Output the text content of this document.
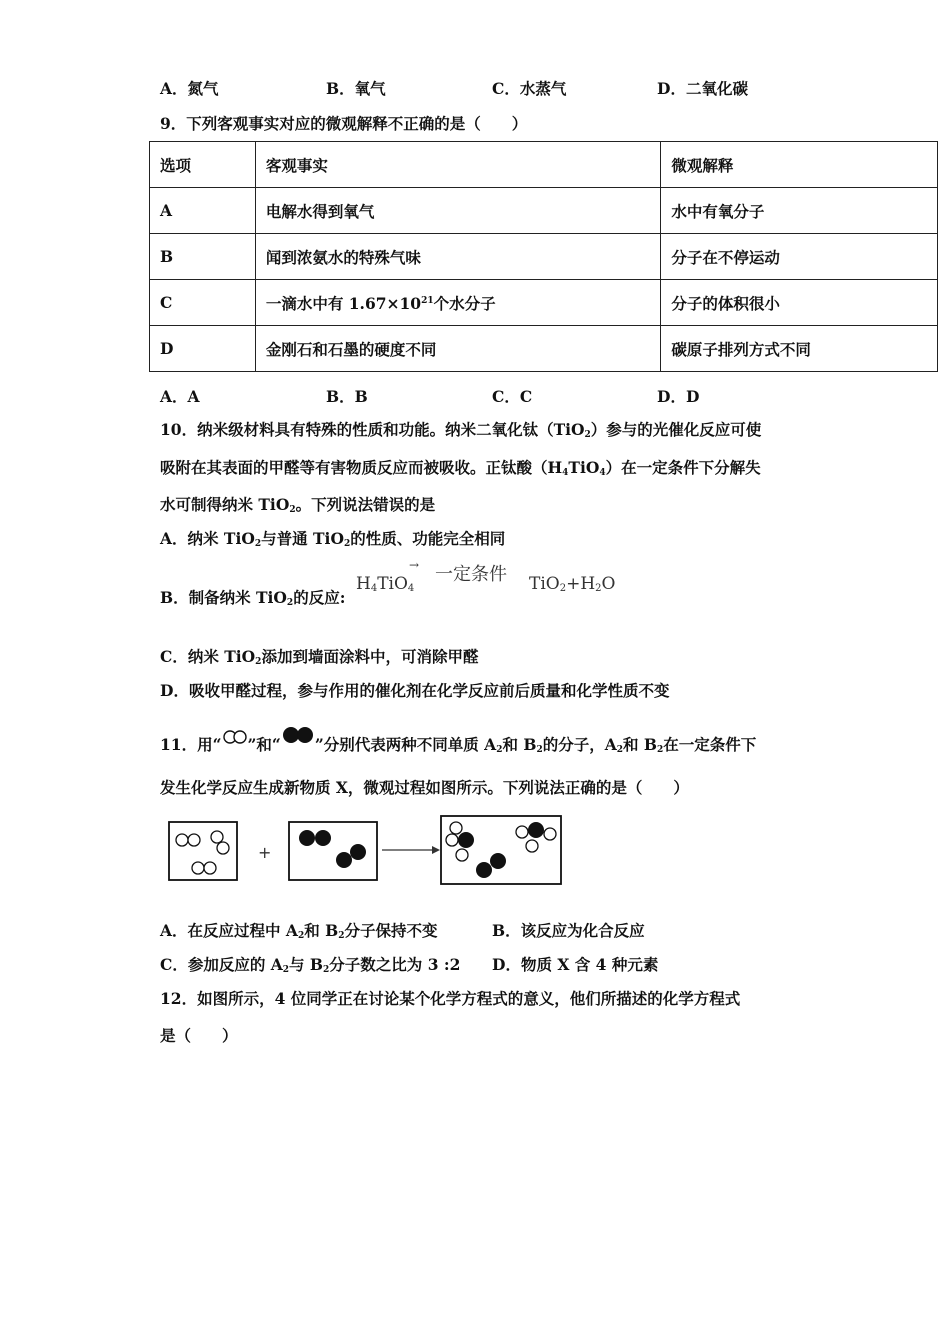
A．氮气	B．氧气	C．水蒸气	D．二氧化碳
9．下列客观事实对应的微观解释不正确的是（　　）
选项	客观事实	微观解释
A	电解水得到氧气	水中有氧分子
B	闻到浓氨水的特殊气味	分子在不停运动
C	一滴水中有 $1.67\times 10^{21}$个水分子	分子的体积很小
D	金刚石和石墨的硬度不同	碳原子排列方式不同
A．A	B．B	C．C	D．D
10．纳米级材料具有特殊的性质和功能。纳米二氧化钛（TiO$_2$）参与的光催化反应可使
吸附在其表面的甲醛等有害物质反应而被吸收。正钛酸$(H_4TiO_4)$在一定条件下分解失
水可制得纳米 TiO$_2$。下列说法错误的是
A．纳米 TiO$_2$与普通 TiO$_2$的性质、功能完全相同
B．制备纳米 TiO$_2$的反应:
$H_4TiO_4$
→ 一定条件 $TiO_2+H_2O$
C．纳米 TiO$_2$添加到墙面涂料中，可消除甲醛
D．吸收甲醛过程，参与作用的催化剂在化学反应前后质量和化学性质不变
11．用“ ”和“ ”分别代表两种不同单质 $A_2$和 $B_2$的分子，$A_2$和 $B_2$在一定条件下
发生化学反应生成新物质 X，微观过程如图所示。下列说法正确的是（　　）
+
A．在反应过程中 $A_2$和 $B_2$分子保持不变	B．该反应为化合反应
C．参加反应的 $A_2$与 $B_2$分子数之比为 3 :2 D．物质 X 含 4 种元素
12．如图所示，4 位同学正在讨论某个化学方程式的意义，他们所描述的化学方程式
是（　　）
